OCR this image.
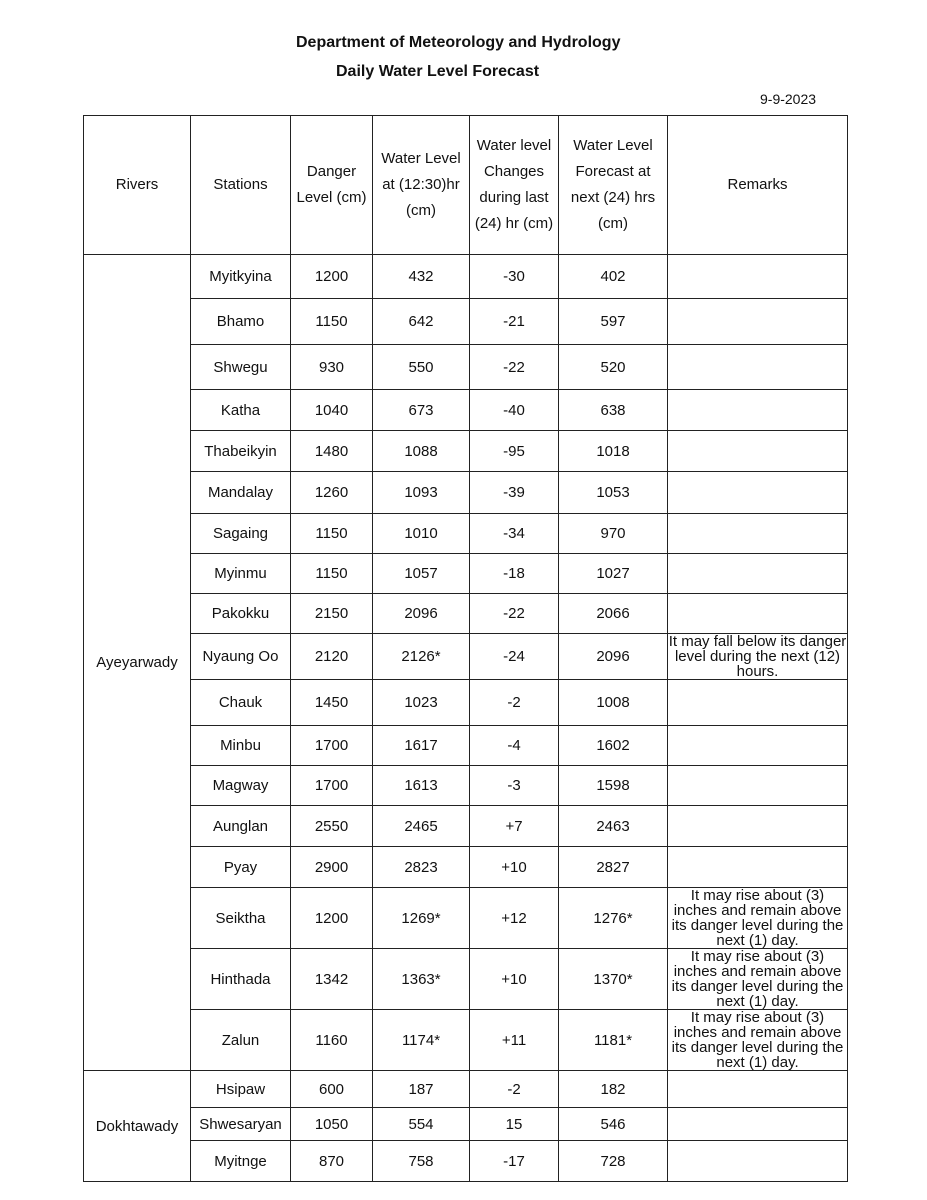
Department of Meteorology and Hydrology
Daily Water Level Forecast
9-9-2023
Rivers	Stations	Danger Level (cm)	Water Level at (12:30)hr (cm)	Water level Changes during last (24) hr (cm)	Water Level Forecast at next (24) hrs (cm)	Remarks
Ayeyarwady	Myitkyina	1200	432	-30	402	
	Bhamo	1150	642	-21	597	
	Shwegu	930	550	-22	520	
	Katha	1040	673	-40	638	
	Thabeikyin	1480	1088	-95	1018	
	Mandalay	1260	1093	-39	1053	
	Sagaing	1150	1010	-34	970	
	Myinmu	1150	1057	-18	1027	
	Pakokku	2150	2096	-22	2066	
	Nyaung Oo	2120	2126*	-24	2096	It may fall below its danger level during the next (12) hours.
	Chauk	1450	1023	-2	1008	
	Minbu	1700	1617	-4	1602	
	Magway	1700	1613	-3	1598	
	Aunglan	2550	2465	+7	2463	
	Pyay	2900	2823	+10	2827	
	Seiktha	1200	1269*	+12	1276*	It may rise about (3) inches and remain above its danger level during the next (1) day.
	Hinthada	1342	1363*	+10	1370*	It may rise about (3) inches and remain above its danger level during the next (1) day.
	Zalun	1160	1174*	+11	1181*	It may rise about (3) inches and remain above its danger level during the next (1) day.
Dokhtawady	Hsipaw	600	187	-2	182	
	Shwesaryan	1050	554	15	546	
	Myitnge	870	758	-17	728	
